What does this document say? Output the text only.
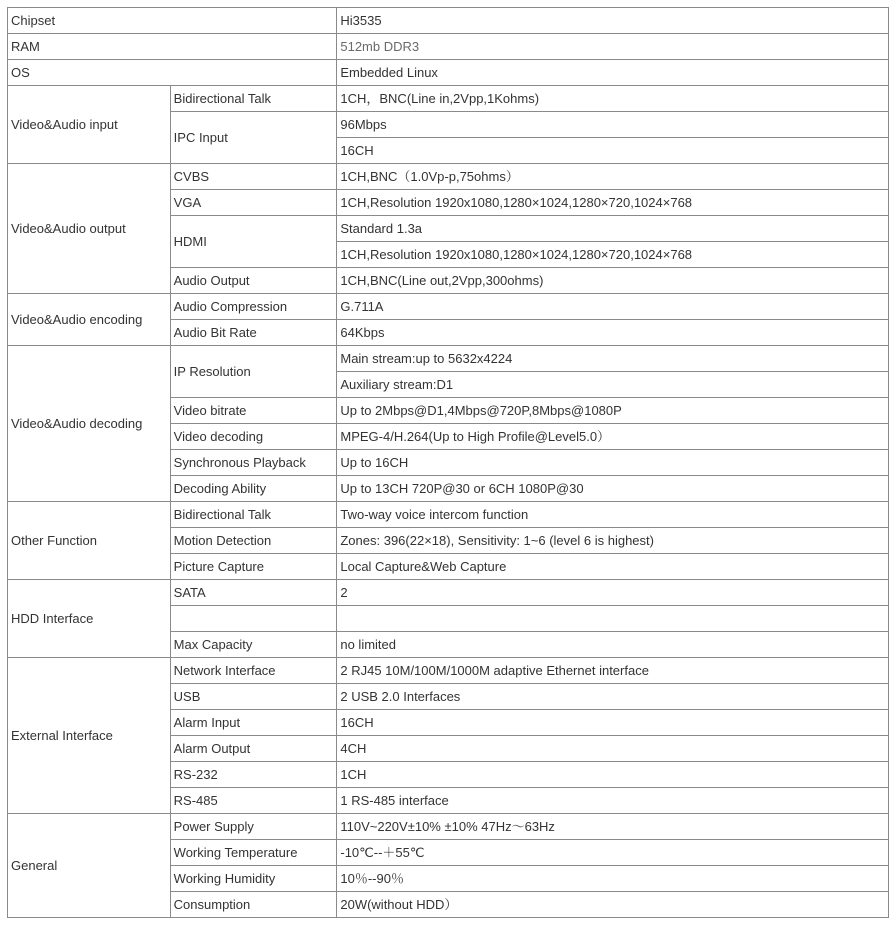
Chipset		Hi3535
RAM		512mb DDR3
OS		Embedded Linux
Video&Audio input	Bidirectional Talk	1CH，BNC(Line in,2Vpp,1Kohms)
	IPC Input	96Mbps
		16CH
Video&Audio output	CVBS	1CH,BNC（1.0Vp-p,75ohms）
	VGA	1CH,Resolution 1920x1080,1280×1024,1280×720,1024×768
	HDMI	Standard 1.3a
		1CH,Resolution 1920x1080,1280×1024,1280×720,1024×768
	Audio Output	1CH,BNC(Line out,2Vpp,300ohms)
Video&Audio encoding	Audio Compression	G.711A
	Audio Bit Rate	64Kbps
Video&Audio decoding	IP Resolution	Main stream:up to 5632x4224
		Auxiliary stream:D1
	Video bitrate	Up to 2Mbps@D1,4Mbps@720P,8Mbps@1080P
	Video decoding	MPEG-4/H.264(Up to High Profile@Level5.0）
	Synchronous Playback	Up to 16CH
	Decoding Ability	Up to 13CH 720P@30 or 6CH 1080P@30
Other Function	Bidirectional Talk	Two-way voice intercom function
	Motion Detection	Zones: 396(22×18), Sensitivity: 1~6 (level 6 is highest)
	Picture Capture	Local Capture&Web Capture
HDD Interface	SATA	2

	Max Capacity	no limited
External Interface	Network Interface	2 RJ45 10M/100M/1000M adaptive Ethernet interface
	USB	2 USB 2.0 Interfaces
	Alarm Input	16CH
	Alarm Output	4CH
	RS-232	1CH
	RS-485	1 RS-485 interface
General	Power Supply	110V~220V±10% ±10% 47Hz～63Hz
	Working Temperature	-10℃--＋55℃
	Working Humidity	10％--90％
	Consumption	20W(without HDD）
